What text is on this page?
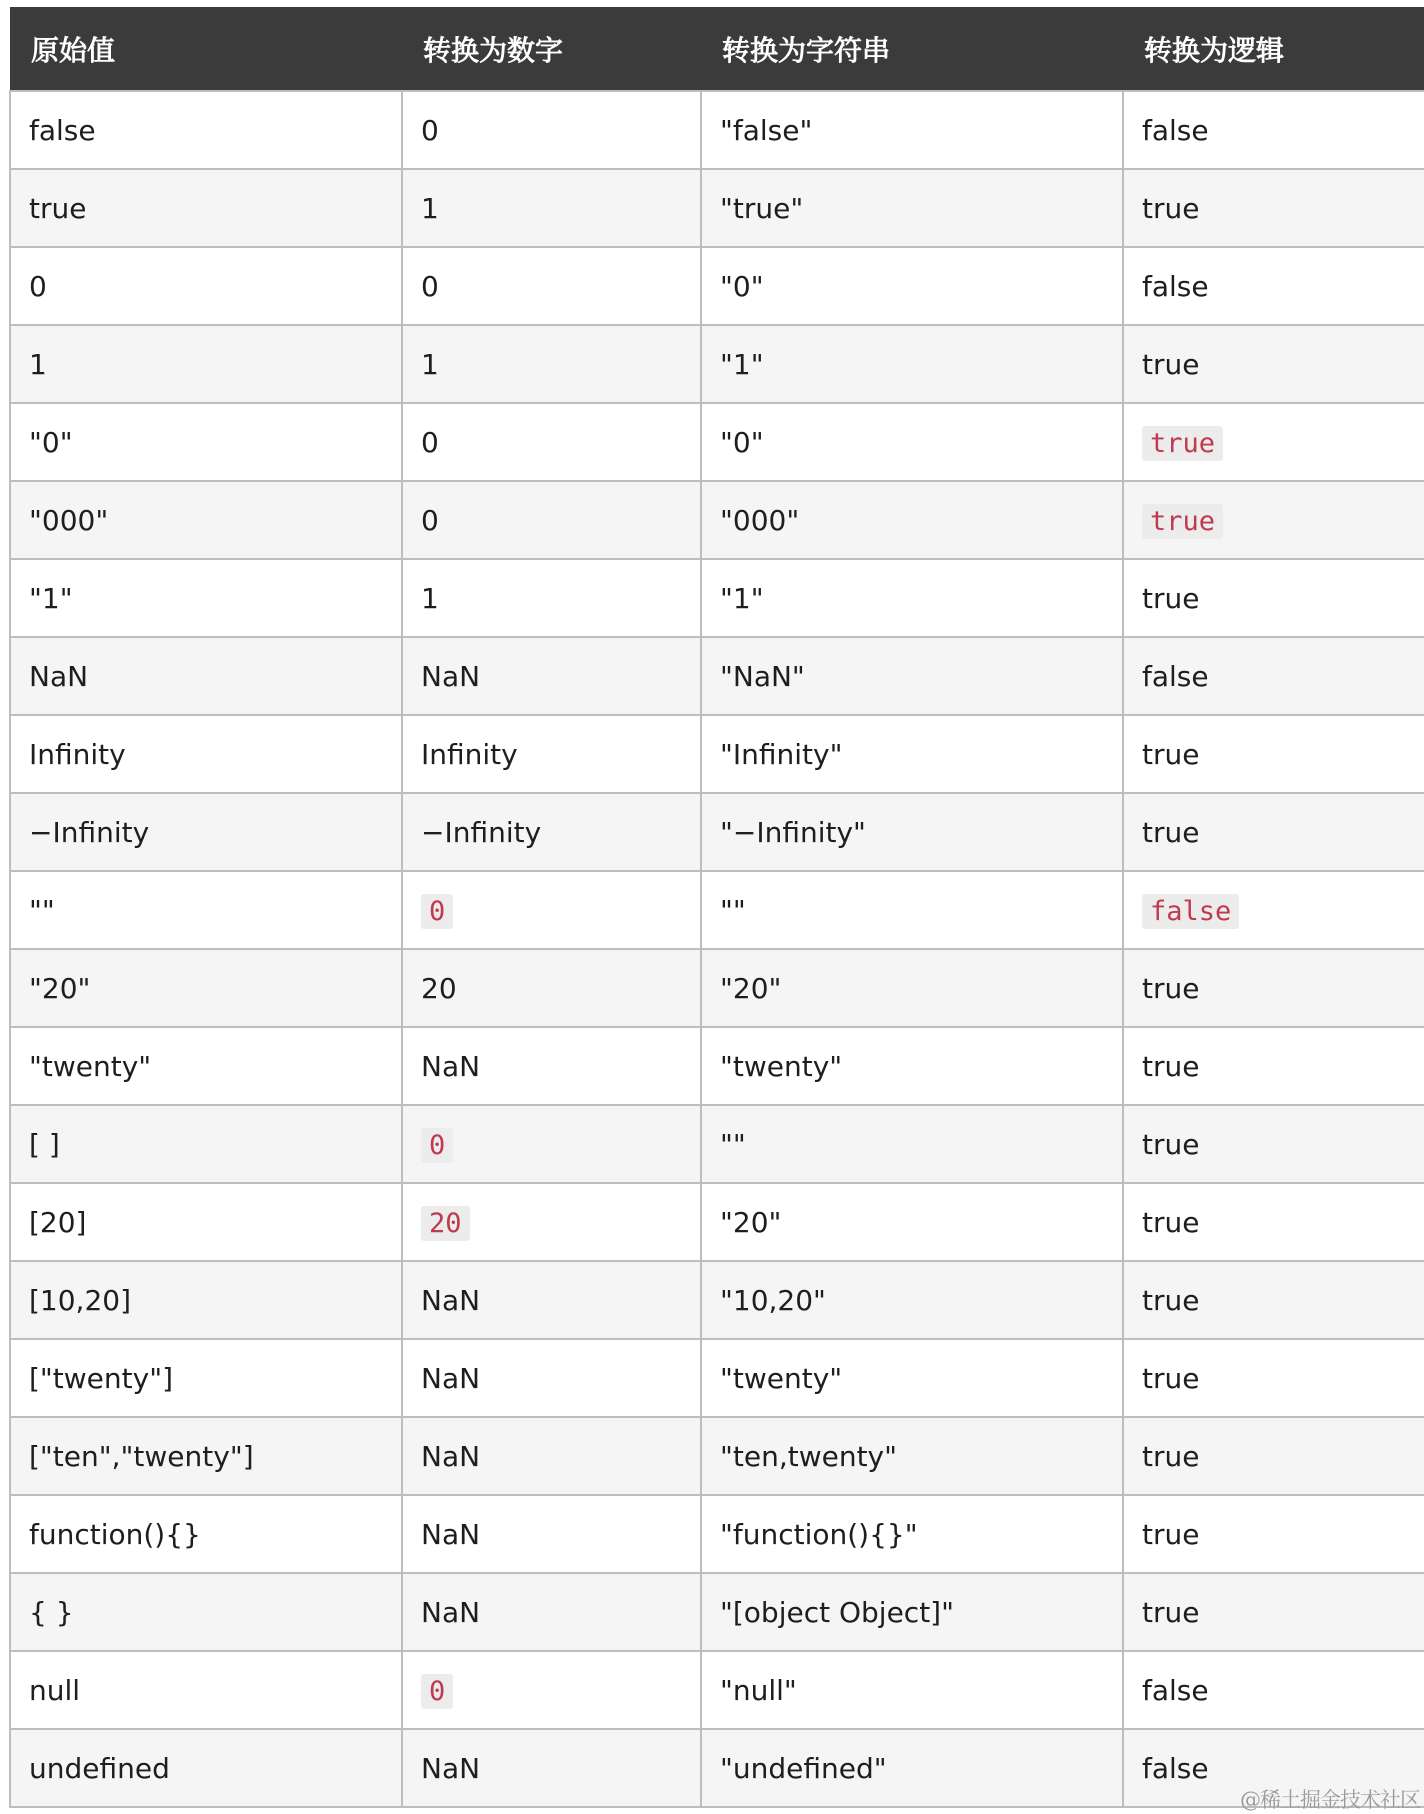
原始值	转换为数字	转换为字符串	转换为逻辑
false	0	"false"	false
true	1	"true"	true
0	0	"0"	false
1	1	"1"	true
"0"	0	"0"	true
"000"	0	"000"	true
"1"	1	"1"	true
NaN	NaN	"NaN"	false
Infinity	Infinity	"Infinity"	true
−Infinity	−Infinity	"−Infinity"	true
""	0	""	false
"20"	20	"20"	true
"twenty"	NaN	"twenty"	true
[ ]	0	""	true
[20]	20	"20"	true
[10,20]	NaN	"10,20"	true
["twenty"]	NaN	"twenty"	true
["ten","twenty"]	NaN	"ten,twenty"	true
function(){}	NaN	"function(){}"	true
{ }	NaN	"[object Object]"	true
null	0	"null"	false
undefined	NaN	"undefined"	false
@稀土掘金技术社区
